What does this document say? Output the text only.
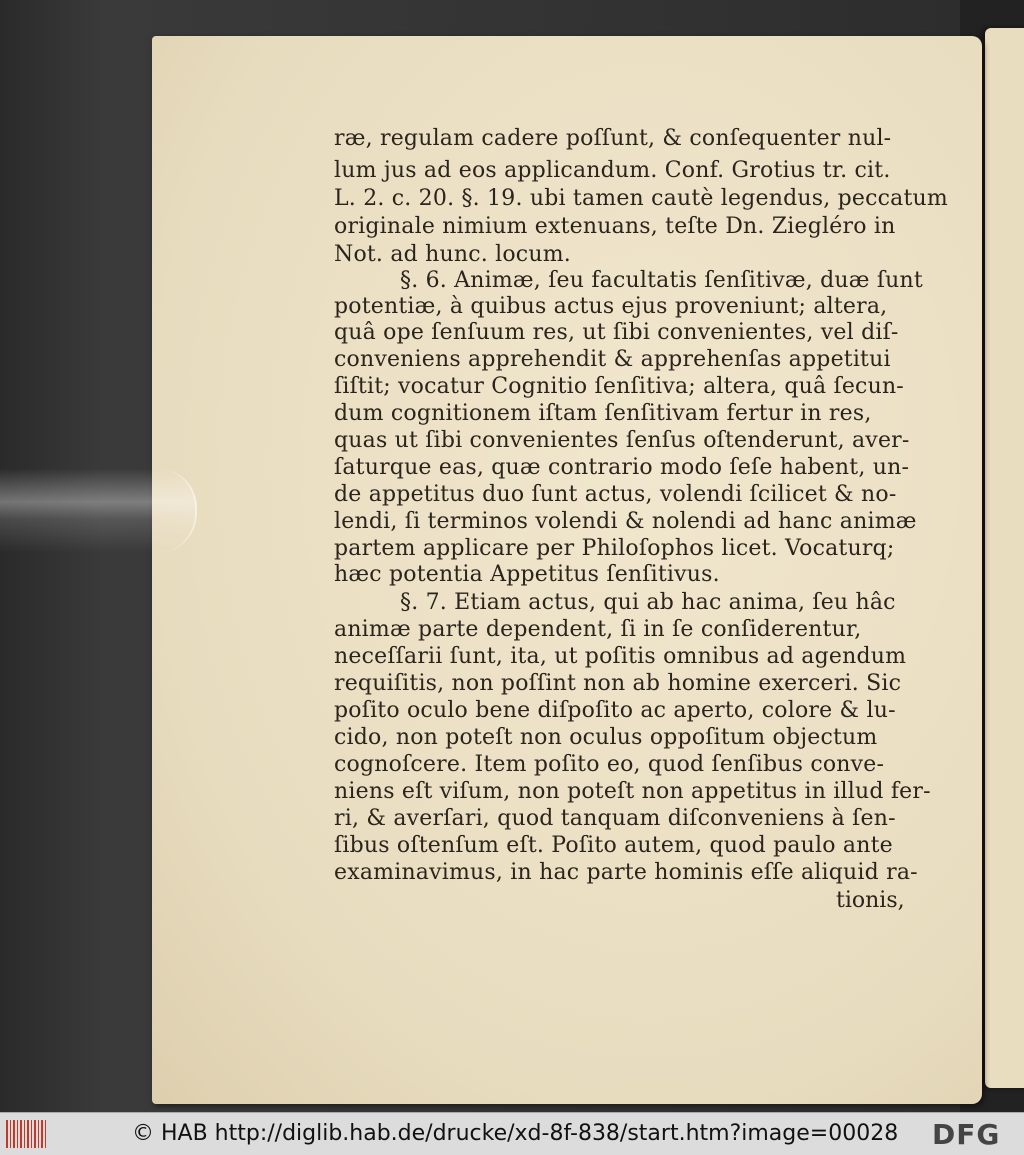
ræ, regulam cadere poſſunt, & conſequenter nul-
lum jus ad eos applicandum. Conf. Grotius tr. cit.
L. 2. c. 20. §. 19. ubi tamen cautè legendus, peccatum
originale nimium extenuans, teſte Dn. Ziegléro in
Not. ad hunc. locum.
§. 6. Animæ, ſeu facultatis ſenſitivæ, duæ ſunt
potentiæ, à quibus actus ejus proveniunt; altera,
quâ ope ſenſuum res, ut ſibi convenientes, vel diſ-
conveniens apprehendit & apprehenſas appetitui
ſiſtit; vocatur Cognitio ſenſitiva; altera, quâ ſecun-
dum cognitionem iſtam ſenſitivam fertur in res,
quas ut ſibi convenientes ſenſus oſtenderunt, aver-
ſaturque eas, quæ contrario modo ſeſe habent, un-
de appetitus duo ſunt actus, volendi ſcilicet & no-
lendi, ſi terminos volendi & nolendi ad hanc animæ
partem applicare per Philoſophos licet. Vocaturq;
hæc potentia Appetitus ſenſitivus.
§. 7. Etiam actus, qui ab hac anima, ſeu hâc
animæ parte dependent, ſi in ſe conſiderentur,
neceſſarii ſunt, ita, ut poſitis omnibus ad agendum
requiſitis, non poſſint non ab homine exerceri. Sic
poſito oculo bene diſpoſito ac aperto, colore & lu-
cido, non poteſt non oculus oppoſitum objectum
cognoſcere. Item poſito eo, quod ſenſibus conve-
niens eſt viſum, non poteſt non appetitus in illud fer-
ri, & averſari, quod tanquam diſconveniens à ſen-
ſibus oſtenſum eſt. Poſito autem, quod paulo ante
examinavimus, in hac parte hominis eſſe aliquid ra-
tionis,
© HAB http://diglib.hab.de/drucke/xd-8f-838/start.htm?image=00028 DFG
